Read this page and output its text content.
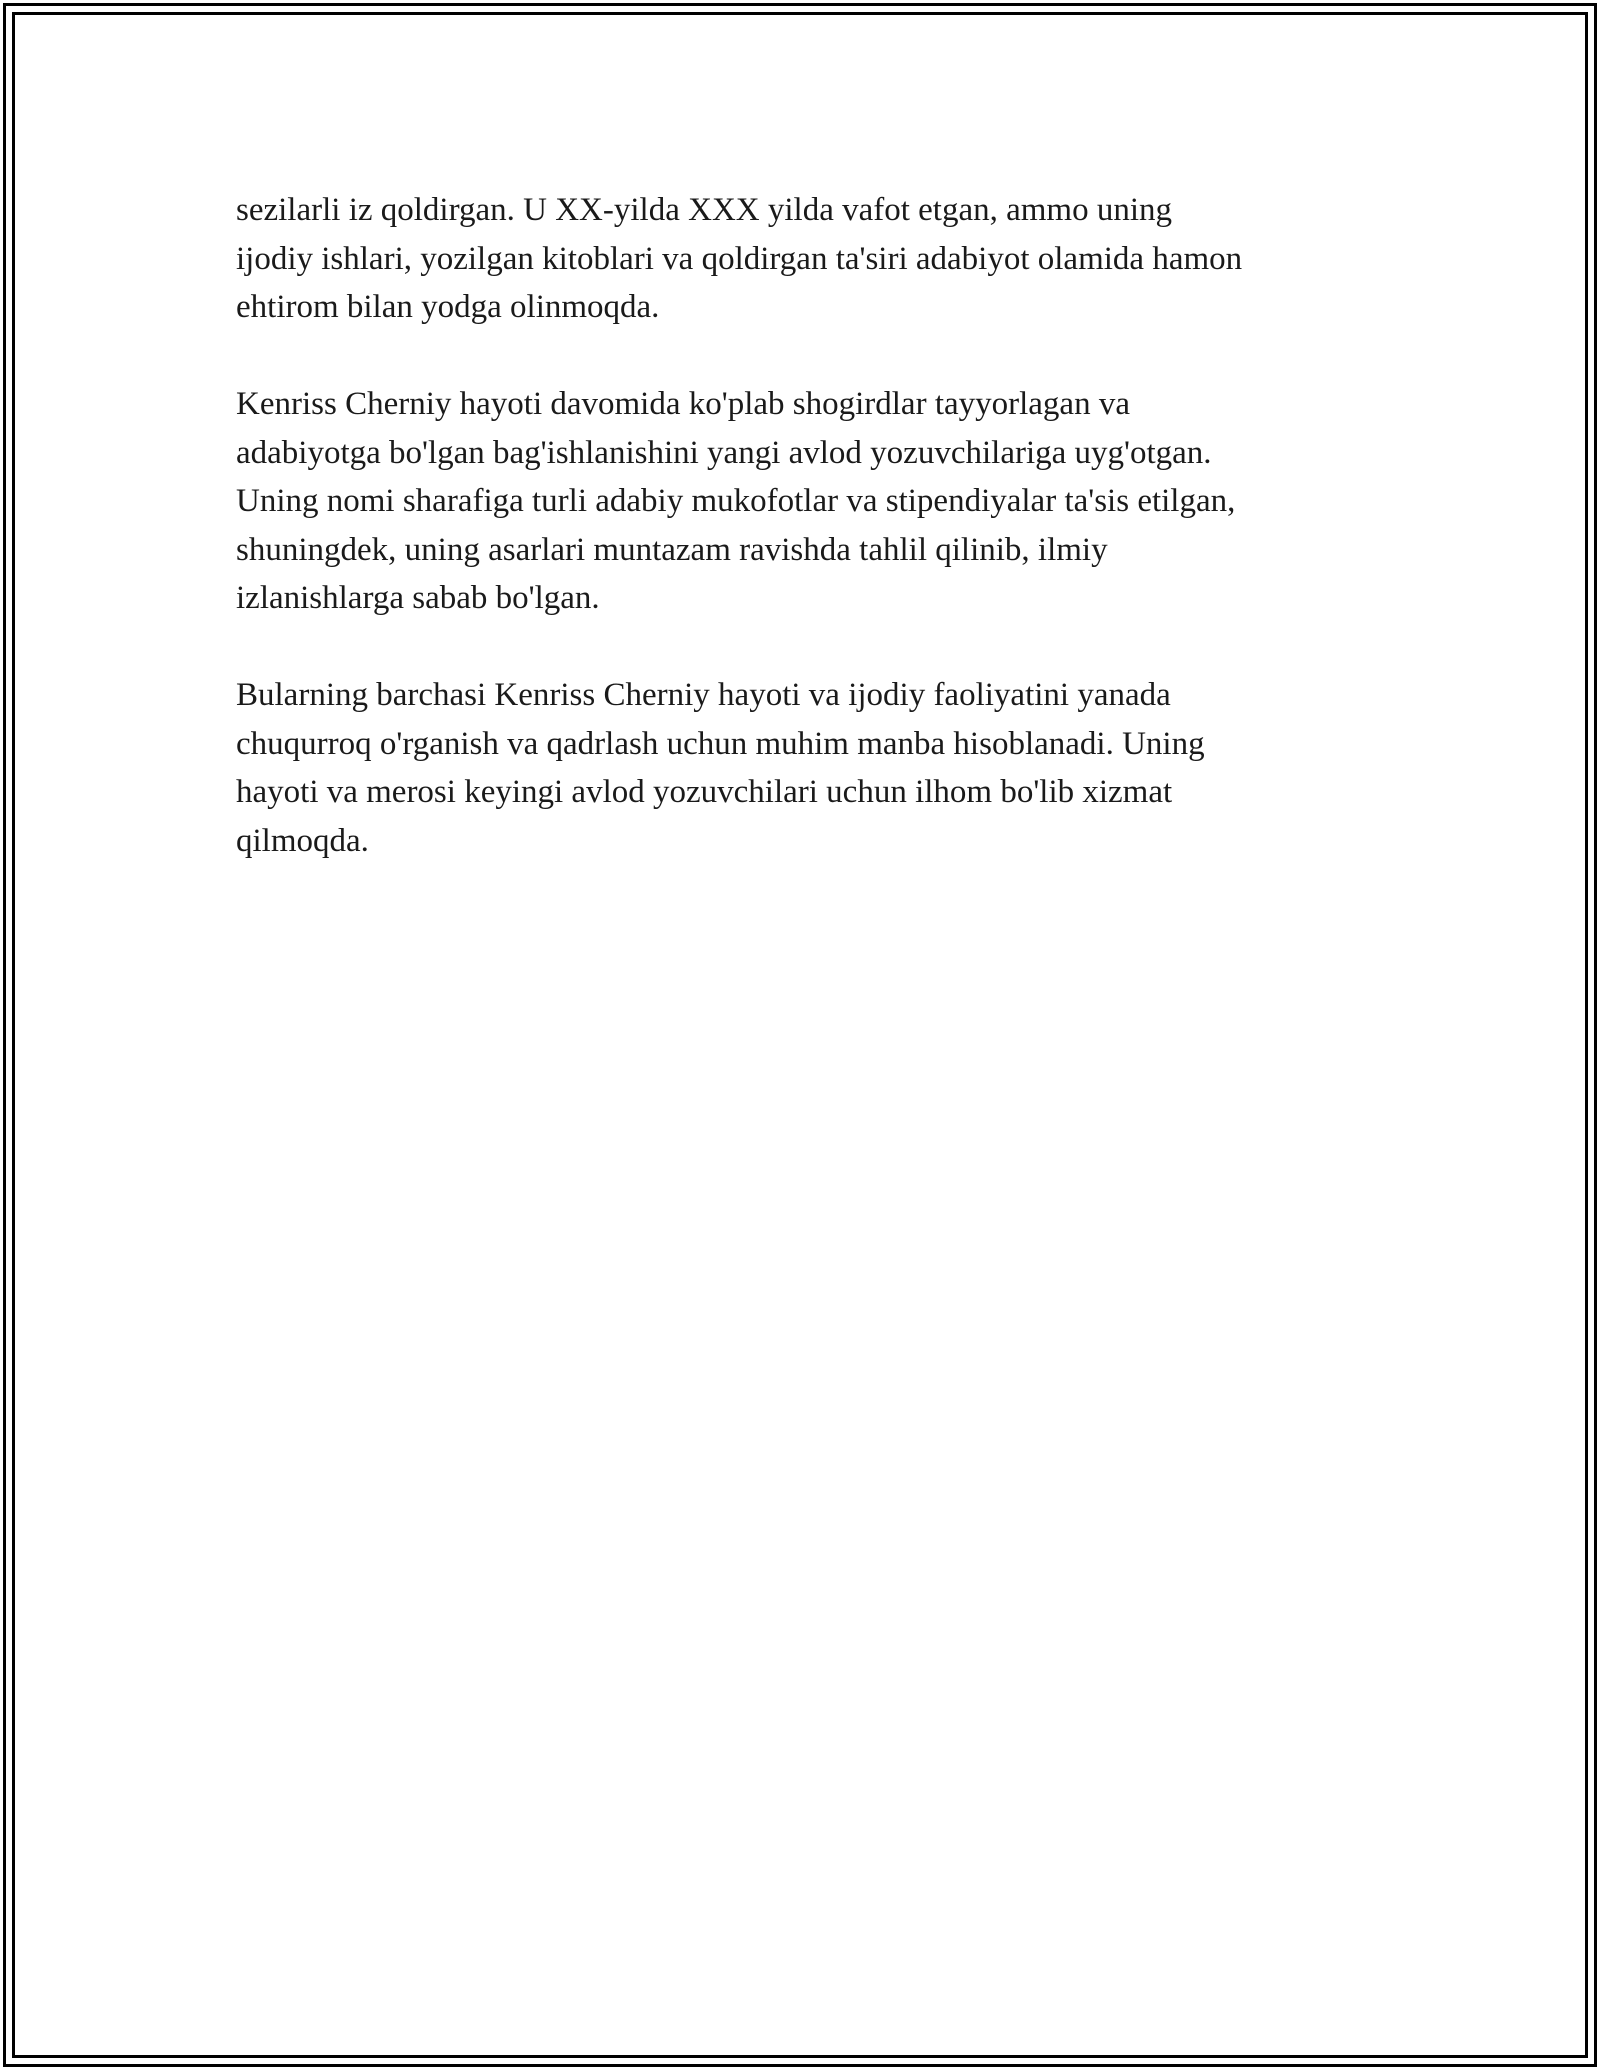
sezilarli iz qoldirgan. U XX-yilda XXX yilda vafot etgan, ammo uning
ijodiy ishlari, yozilgan kitoblari va qoldirgan ta'siri adabiyot olamida hamon
ehtirom bilan yodga olinmoqda.

Kenriss Cherniy hayoti davomida ko'plab shogirdlar tayyorlagan va
adabiyotga bo'lgan bag'ishlanishini yangi avlod yozuvchilariga uyg'otgan.
Uning nomi sharafiga turli adabiy mukofotlar va stipendiyalar ta'sis etilgan,
shuningdek, uning asarlari muntazam ravishda tahlil qilinib, ilmiy
izlanishlarga sabab bo'lgan.

Bularning barchasi Kenriss Cherniy hayoti va ijodiy faoliyatini yanada
chuqurroq o'rganish va qadrlash uchun muhim manba hisoblanadi. Uning
hayoti va merosi keyingi avlod yozuvchilari uchun ilhom bo'lib xizmat
qilmoqda.
